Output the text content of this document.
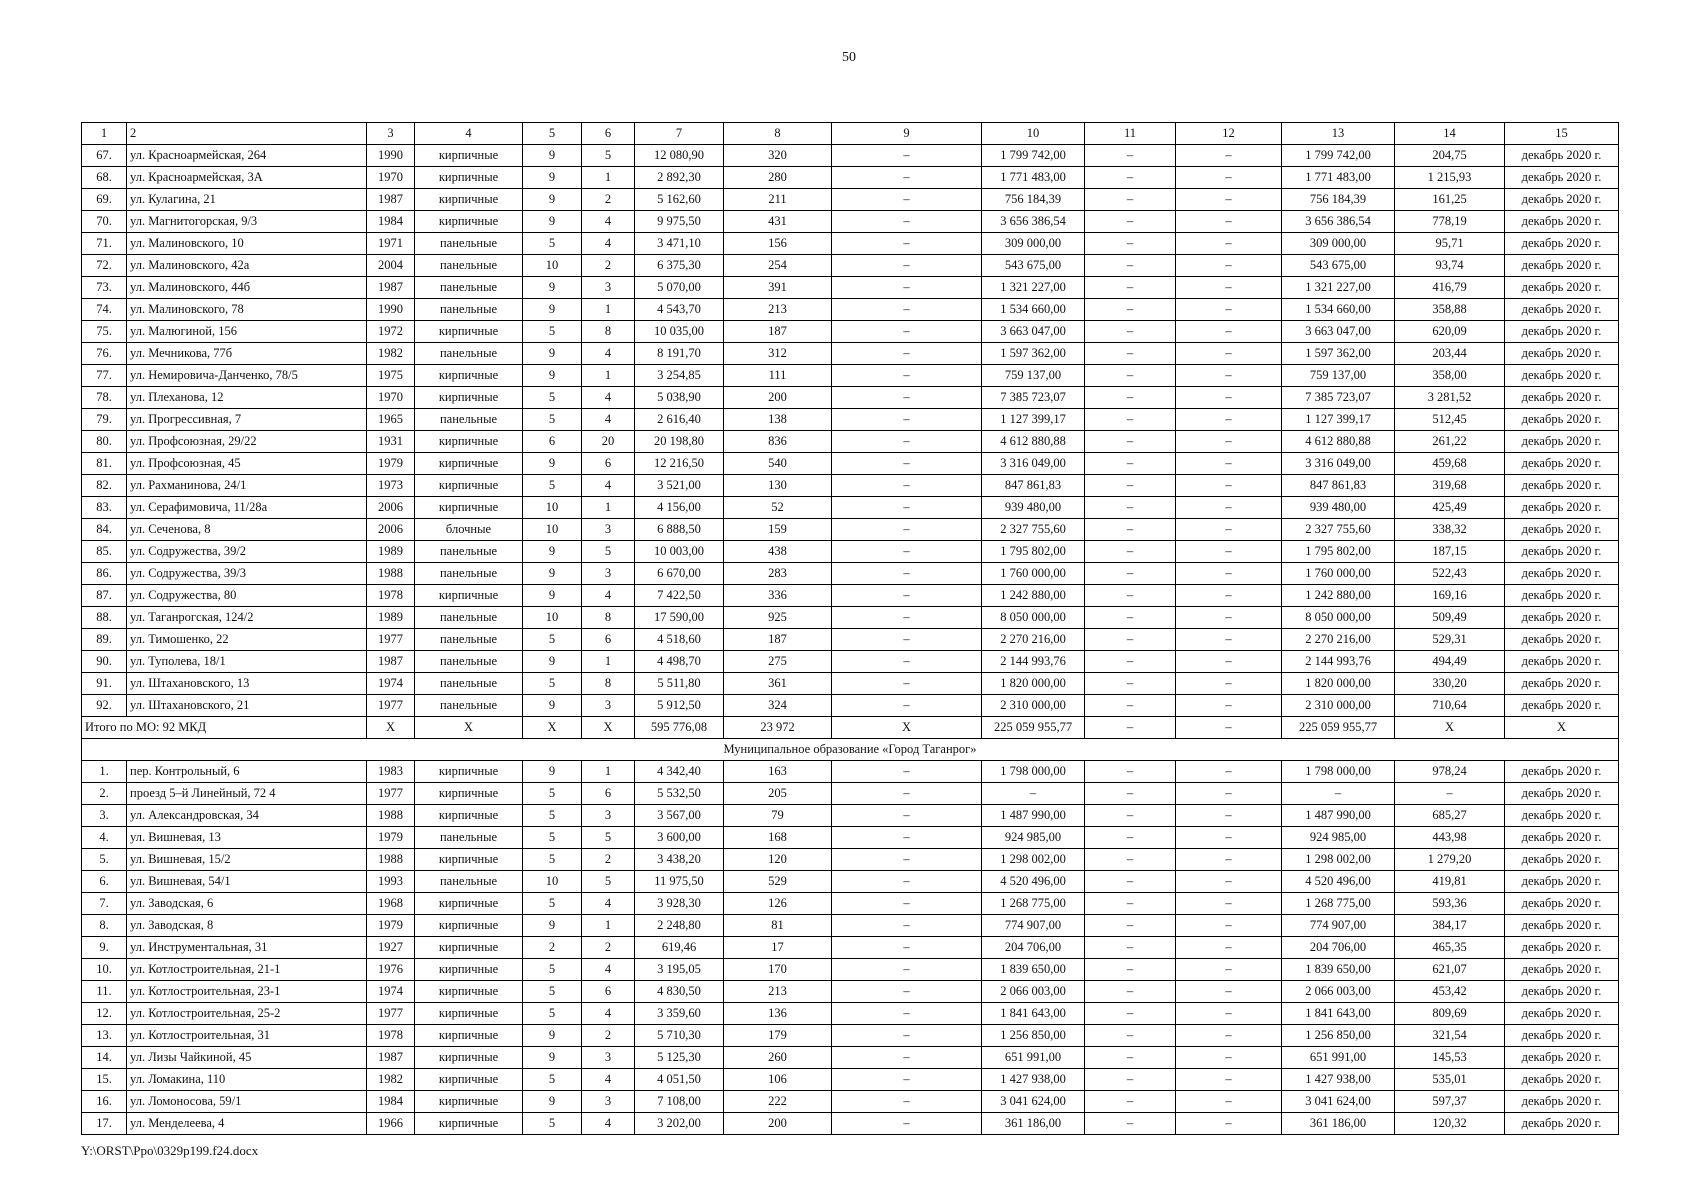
50
1	2	3	4	5	6	7	8	9	10	11	12	13	14	15
67.	ул. Красноармейская, 264	1990	кирпичные	9	5	12 080,90	320	–	1 799 742,00	–	–	1 799 742,00	204,75	декабрь 2020 г.
68.	ул. Красноармейская, 3А	1970	кирпичные	9	1	2 892,30	280	–	1 771 483,00	–	–	1 771 483,00	1 215,93	декабрь 2020 г.
69.	ул. Кулагина, 21	1987	кирпичные	9	2	5 162,60	211	–	756 184,39	–	–	756 184,39	161,25	декабрь 2020 г.
70.	ул. Магнитогорская, 9/3	1984	кирпичные	9	4	9 975,50	431	–	3 656 386,54	–	–	3 656 386,54	778,19	декабрь 2020 г.
71.	ул. Малиновского, 10	1971	панельные	5	4	3 471,10	156	–	309 000,00	–	–	309 000,00	95,71	декабрь 2020 г.
72.	ул. Малиновского, 42а	2004	панельные	10	2	6 375,30	254	–	543 675,00	–	–	543 675,00	93,74	декабрь 2020 г.
73.	ул. Малиновского, 44б	1987	панельные	9	3	5 070,00	391	–	1 321 227,00	–	–	1 321 227,00	416,79	декабрь 2020 г.
74.	ул. Малиновского, 78	1990	панельные	9	1	4 543,70	213	–	1 534 660,00	–	–	1 534 660,00	358,88	декабрь 2020 г.
75.	ул. Малюгиной, 156	1972	кирпичные	5	8	10 035,00	187	–	3 663 047,00	–	–	3 663 047,00	620,09	декабрь 2020 г.
76.	ул. Мечникова, 77б	1982	панельные	9	4	8 191,70	312	–	1 597 362,00	–	–	1 597 362,00	203,44	декабрь 2020 г.
77.	ул. Немировича-Данченко, 78/5	1975	кирпичные	9	1	3 254,85	111	–	759 137,00	–	–	759 137,00	358,00	декабрь 2020 г.
78.	ул. Плеханова, 12	1970	кирпичные	5	4	5 038,90	200	–	7 385 723,07	–	–	7 385 723,07	3 281,52	декабрь 2020 г.
79.	ул. Прогрессивная, 7	1965	панельные	5	4	2 616,40	138	–	1 127 399,17	–	–	1 127 399,17	512,45	декабрь 2020 г.
80.	ул. Профсоюзная, 29/22	1931	кирпичные	6	20	20 198,80	836	–	4 612 880,88	–	–	4 612 880,88	261,22	декабрь 2020 г.
81.	ул. Профсоюзная, 45	1979	кирпичные	9	6	12 216,50	540	–	3 316 049,00	–	–	3 316 049,00	459,68	декабрь 2020 г.
82.	ул. Рахманинова, 24/1	1973	кирпичные	5	4	3 521,00	130	–	847 861,83	–	–	847 861,83	319,68	декабрь 2020 г.
83.	ул. Серафимовича, 11/28а	2006	кирпичные	10	1	4 156,00	52	–	939 480,00	–	–	939 480,00	425,49	декабрь 2020 г.
84.	ул. Сеченова, 8	2006	блочные	10	3	6 888,50	159	–	2 327 755,60	–	–	2 327 755,60	338,32	декабрь 2020 г.
85.	ул. Содружества, 39/2	1989	панельные	9	5	10 003,00	438	–	1 795 802,00	–	–	1 795 802,00	187,15	декабрь 2020 г.
86.	ул. Содружества, 39/3	1988	панельные	9	3	6 670,00	283	–	1 760 000,00	–	–	1 760 000,00	522,43	декабрь 2020 г.
87.	ул. Содружества, 80	1978	кирпичные	9	4	7 422,50	336	–	1 242 880,00	–	–	1 242 880,00	169,16	декабрь 2020 г.
88.	ул. Таганрогская, 124/2	1989	панельные	10	8	17 590,00	925	–	8 050 000,00	–	–	8 050 000,00	509,49	декабрь 2020 г.
89.	ул. Тимошенко, 22	1977	панельные	5	6	4 518,60	187	–	2 270 216,00	–	–	2 270 216,00	529,31	декабрь 2020 г.
90.	ул. Туполева, 18/1	1987	панельные	9	1	4 498,70	275	–	2 144 993,76	–	–	2 144 993,76	494,49	декабрь 2020 г.
91.	ул. Штахановского, 13	1974	панельные	5	8	5 511,80	361	–	1 820 000,00	–	–	1 820 000,00	330,20	декабрь 2020 г.
92.	ул. Штахановского, 21	1977	панельные	9	3	5 912,50	324	–	2 310 000,00	–	–	2 310 000,00	710,64	декабрь 2020 г.
Итого по МО: 92 МКД		X	X	X	X	595 776,08	23 972	X	225 059 955,77	–	–	225 059 955,77	X	X
Муниципальное образование «Город Таганрог»														
1.	пер. Контрольный, 6	1983	кирпичные	9	1	4 342,40	163	–	1 798 000,00	–	–	1 798 000,00	978,24	декабрь 2020 г.
2.	проезд 5–й Линейный, 72 4	1977	кирпичные	5	6	5 532,50	205	–	–	–	–	–	–	декабрь 2020 г.
3.	ул. Александровская, 34	1988	кирпичные	5	3	3 567,00	79	–	1 487 990,00	–	–	1 487 990,00	685,27	декабрь 2020 г.
4.	ул. Вишневая, 13	1979	панельные	5	5	3 600,00	168	–	924 985,00	–	–	924 985,00	443,98	декабрь 2020 г.
5.	ул. Вишневая, 15/2	1988	кирпичные	5	2	3 438,20	120	–	1 298 002,00	–	–	1 298 002,00	1 279,20	декабрь 2020 г.
6.	ул. Вишневая, 54/1	1993	панельные	10	5	11 975,50	529	–	4 520 496,00	–	–	4 520 496,00	419,81	декабрь 2020 г.
7.	ул. Заводская, 6	1968	кирпичные	5	4	3 928,30	126	–	1 268 775,00	–	–	1 268 775,00	593,36	декабрь 2020 г.
8.	ул. Заводская, 8	1979	кирпичные	9	1	2 248,80	81	–	774 907,00	–	–	774 907,00	384,17	декабрь 2020 г.
9.	ул. Инструментальная, 31	1927	кирпичные	2	2	619,46	17	–	204 706,00	–	–	204 706,00	465,35	декабрь 2020 г.
10.	ул. Котлостроительная, 21-1	1976	кирпичные	5	4	3 195,05	170	–	1 839 650,00	–	–	1 839 650,00	621,07	декабрь 2020 г.
11.	ул. Котлостроительная, 23-1	1974	кирпичные	5	6	4 830,50	213	–	2 066 003,00	–	–	2 066 003,00	453,42	декабрь 2020 г.
12.	ул. Котлостроительная, 25-2	1977	кирпичные	5	4	3 359,60	136	–	1 841 643,00	–	–	1 841 643,00	809,69	декабрь 2020 г.
13.	ул. Котлостроительная, 31	1978	кирпичные	9	2	5 710,30	179	–	1 256 850,00	–	–	1 256 850,00	321,54	декабрь 2020 г.
14.	ул. Лизы Чайкиной, 45	1987	кирпичные	9	3	5 125,30	260	–	651 991,00	–	–	651 991,00	145,53	декабрь 2020 г.
15.	ул. Ломакина, 110	1982	кирпичные	5	4	4 051,50	106	–	1 427 938,00	–	–	1 427 938,00	535,01	декабрь 2020 г.
16.	ул. Ломоносова, 59/1	1984	кирпичные	9	3	7 108,00	222	–	3 041 624,00	–	–	3 041 624,00	597,37	декабрь 2020 г.
17.	ул. Менделеева, 4	1966	кирпичные	5	4	3 202,00	200	–	361 186,00	–	–	361 186,00	120,32	декабрь 2020 г.
Y:\ORST\Ppo\0329p199.f24.docx
